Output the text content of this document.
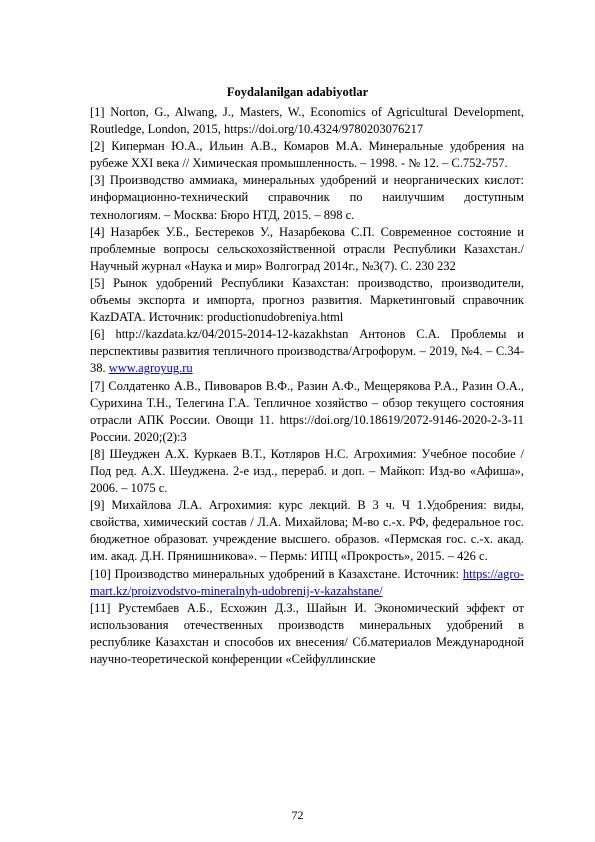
Foydalanilgan adabiyotlar

[1] Norton, G., Alwang, J., Masters, W., Economics of Agricultural Development, Routledge, London, 2015, https://doi.org/10.4324/9780203076217

[2] Киперман Ю.А., Ильин А.В., Комаров М.А. Минеральные удобрения на рубеже XXI века // Химическая промышленность. – 1998. - № 12. – С.752-757.

[3] Производство аммиака, минеральных удобрений и неорганических кислот: информационно-технический справочник по наилучшим доступным технологиям. – Москва: Бюро НТД, 2015. – 898 с.

[4] Назарбек У.Б., Бестереков У., Назарбекова С.П. Современное состояние и проблемные вопросы сельскохозяйственной отрасли Республики Казахстан./Научный журнал «Наука и мир» Волгоград 2014г., №3(7). С. 230 232

[5] Рынок удобрений Республики Казахстан: производство, производители, объемы экспорта и импорта, прогноз развития. Маркетинговый справочник KazDATA. Источник: productionudobreniya.html

[6] http://kazdata.kz/04/2015-2014-12-kazakhstan Антонов С.А. Проблемы и перспективы развития тепличного производства/Агрофорум. – 2019, №4. – С.34-38. www.agroyug.ru

[7] Солдатенко А.В., Пивоваров В.Ф., Разин А.Ф., Мещерякова Р.А., Разин О.А., Сурихина Т.Н., Телегина Г.А. Тепличное хозяйство – обзор текущего состояния отрасли АПК России. Овощи 11. https://doi.org/10.18619/2072-9146-2020-2-3-11 России. 2020;(2):3

[8] Шеуджен А.Х. Куркаев В.Т., Котляров Н.С. Агрохимия: Учебное пособие / Под ред. А.Х. Шеуджена. 2-е изд., перераб. и доп. – Майкоп: Изд-во «Афиша», 2006. – 1075 с.

[9] Михайлова Л.А. Агрохимия: курс лекций. В 3 ч. Ч 1.Удобрения: виды, свойства, химический состав / Л.А. Михайлова; М-во с.-х. РФ, федеральное гос. бюджетное образоват. учреждение высшего. образов. «Пермская гос. с.-х. акад. им. акад. Д.Н. Прянишникова». – Пермь: ИПЦ «Прокрость», 2015. – 426 с.

[10] Производство минеральных удобрений в Казахстане. Источник: https://agro-mart.kz/proizvodstvo-mineralnyh-udobrenij-v-kazahstane/

[11] Рустембаев А.Б., Есхожин Д.З., Шайын И. Экономический эффект от использования отечественных производств минеральных удобрений в республике Казахстан и способов их внесения/ Сб.материалов Международной научно-теоретической конференции «Сейфуллинские

72
